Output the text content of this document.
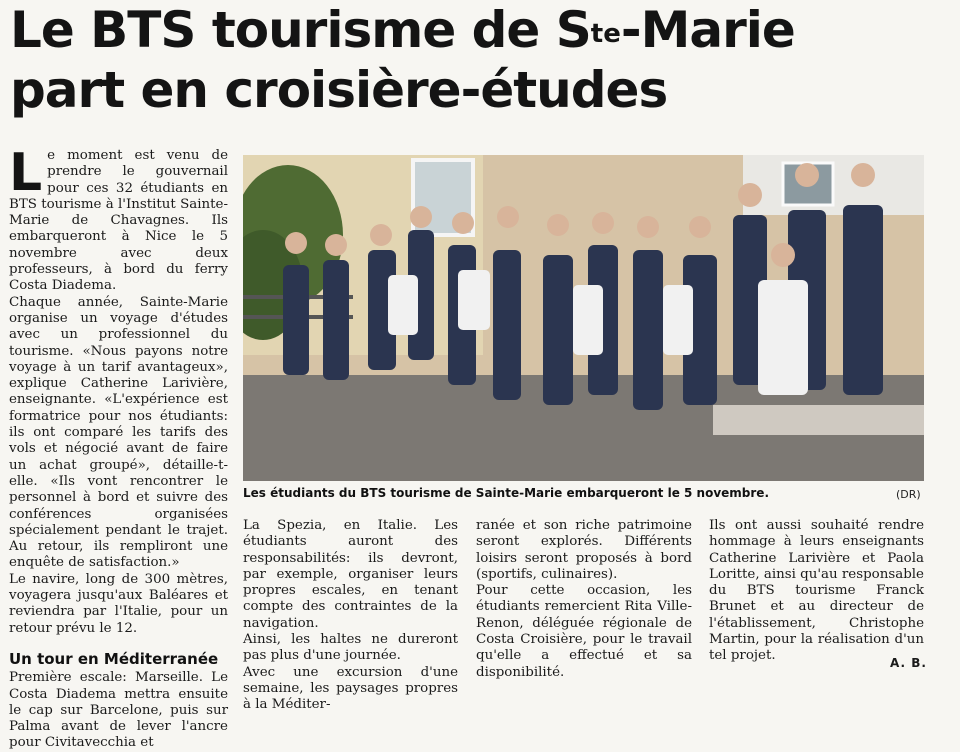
Le BTS tourisme de $S^{te}$-Marie
part en croisière-études
L e moment est venu de prendre le gouvernail pour ces 32 étudiants en BTS tourisme à l'Institut Sainte-Marie de Chavagnes. Ils embarqueront à Nice le 5 novembre avec deux professeurs, à bord du ferry Costa Diadema.

Chaque année, Sainte-Marie organise un voyage d'études avec un professionnel du tourisme. «Nous payons notre voyage à un tarif avantageux», explique Catherine Larivière, enseignante. «L'expérience est formatrice pour nos étudiants: ils ont comparé les tarifs des vols et négocié avant de faire un achat groupé», détaille-t-elle. «Ils vont rencontrer le personnel à bord et suivre des conférences organisées spécialement pendant le trajet. Au retour, ils rempliront une enquête de satisfaction.»

Le navire, long de 300 mètres, voyagera jusqu'aux Baléares et reviendra par l'Italie, pour un retour prévu le 12.

Un tour en Méditerranée

Première escale: Marseille. Le Costa Diadema mettra ensuite le cap sur Barcelone, puis sur Palma avant de lever l'ancre pour Civitavecchia et

Les étudiants du BTS tourisme de Sainte-Marie embarqueront le 5 novembre.	(DR)

La Spezia, en Italie. Les étudiants auront des responsabilités: ils devront, par exemple, organiser leurs propres escales, en tenant compte des contraintes de la navigation.

Ainsi, les haltes ne dureront pas plus d'une journée.

Avec une excursion d'une semaine, les paysages propres à la Méditer-

ranée et son riche patrimoine seront explorés. Différents loisirs seront proposés à bord (sportifs, culinaires).

Pour cette occasion, les étudiants remercient Rita Ville-Renon, déléguée régionale de Costa Croisière, pour le travail qu'elle a effectué et sa disponibilité.

Ils ont aussi souhaité rendre hommage à leurs enseignants Catherine Larivière et Paola Loritte, ainsi qu'au responsable du BTS tourisme Franck Brunet et au directeur de l'établissement, Christophe Martin, pour la réalisation d'un tel projet.	A. B.
